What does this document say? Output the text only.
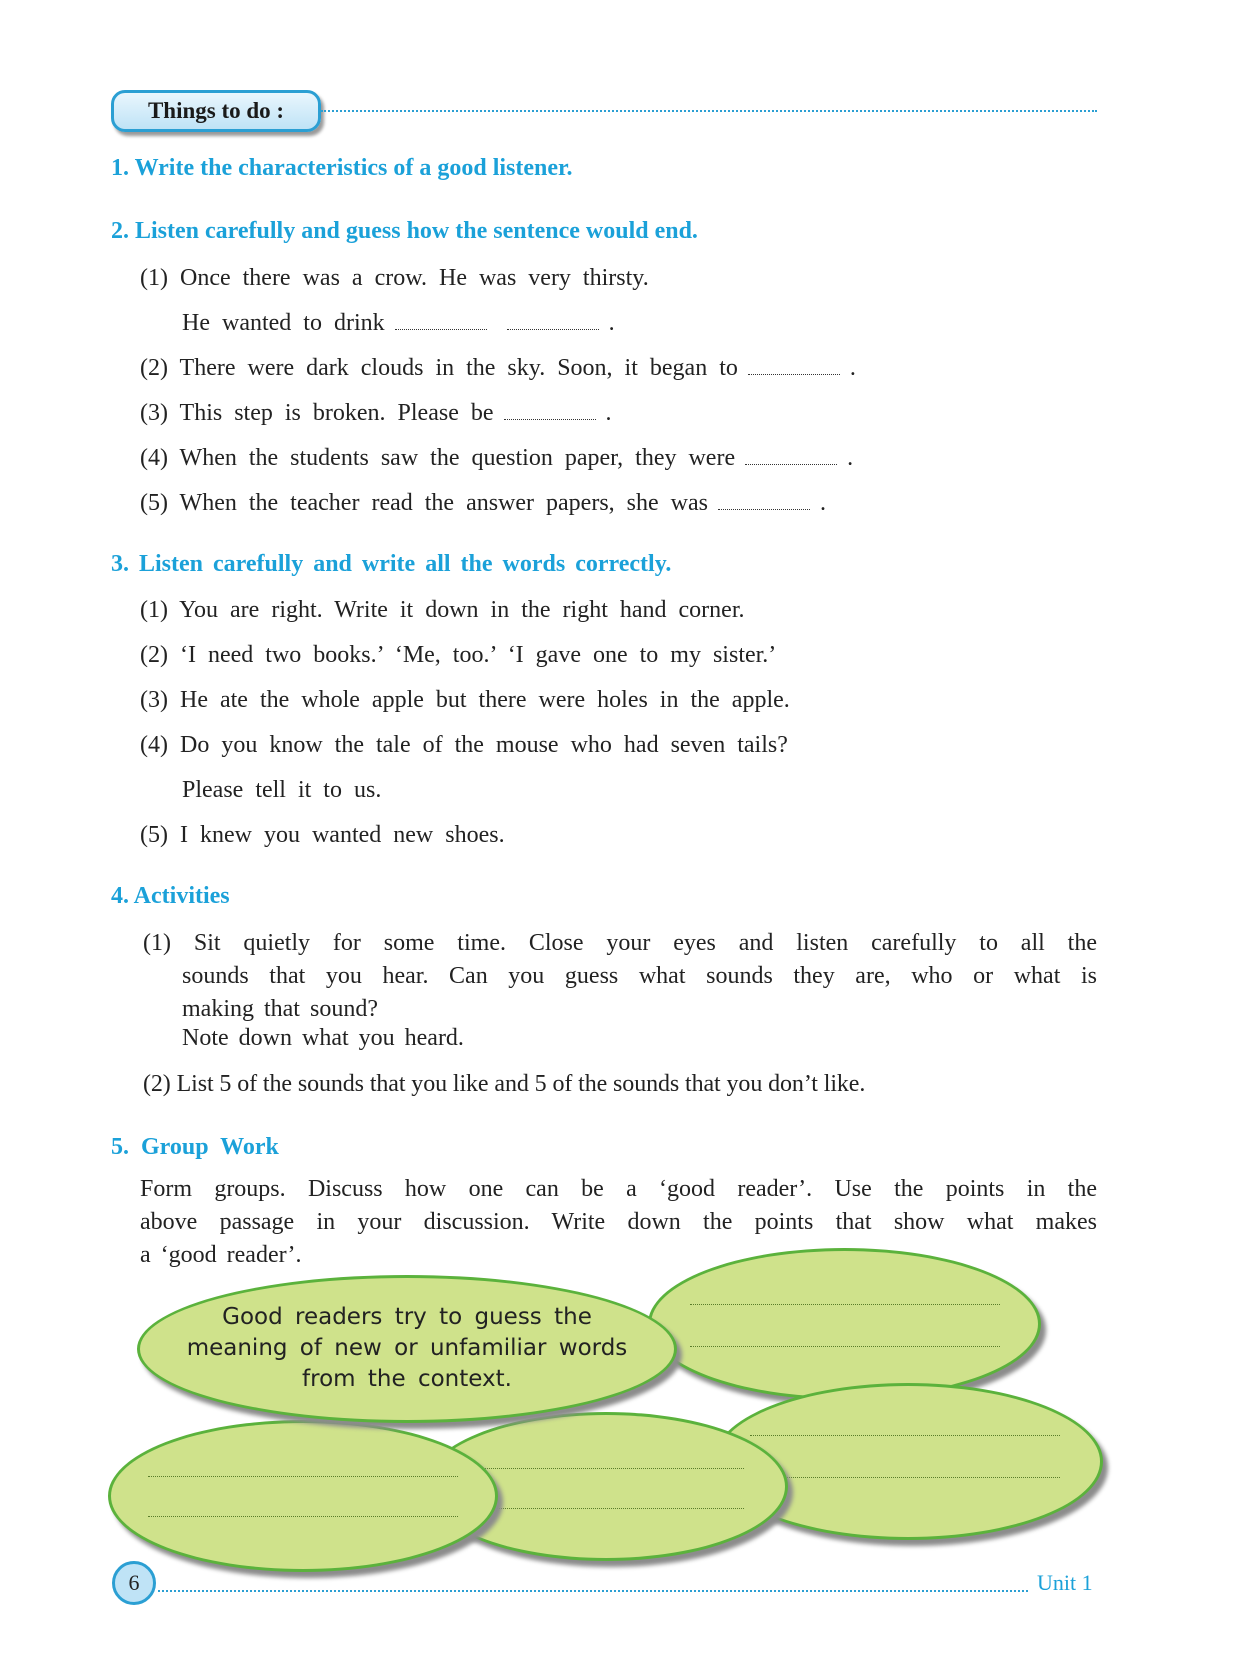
Things to do :
1. Write the characteristics of a good listener.
2. Listen carefully and guess how the sentence would end.
(1) Once there was a crow. He was very thirsty.
He wanted to drink	.
(2) There were dark clouds in the sky. Soon, it began to	.
(3) This step is broken. Please be	.
(4) When the students saw the question paper, they were	.
(5) When the teacher read the answer papers, she was	.
3. Listen carefully and write all the words correctly.
(1) You are right. Write it down in the right hand corner.
(2) ‘I need two books.’ ‘Me, too.’ ‘I gave one to my sister.’
(3) He ate the whole apple but there were holes in the apple.
(4) Do you know the tale of the mouse who had seven tails?
Please tell it to us.
(5) I knew you wanted new shoes.
4. Activities
(1) Sit quietly for some time. Close your eyes and listen carefully to all the
sounds that you hear. Can you guess what sounds they are, who or what is
making that sound?
Note down what you heard.
(2) List 5 of the sounds that you like and 5 of the sounds that you don’t like.
5. Group Work
Form groups. Discuss how one can be a ‘good reader’. Use the points in the
above passage in your discussion. Write down the points that show what makes
a ‘good reader’.
Good readers try to guess the
meaning of new or unfamiliar words
from the context.
6	Unit 1
